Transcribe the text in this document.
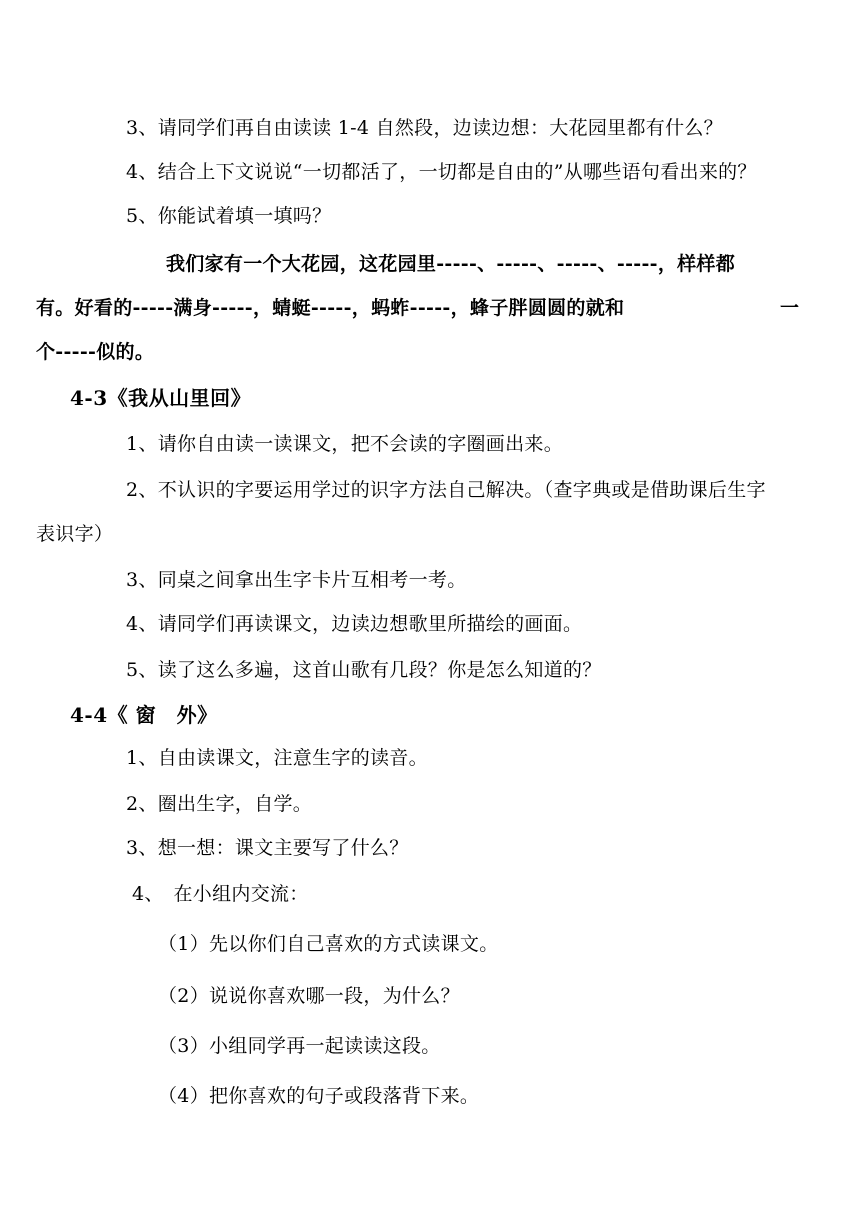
3、请同学们再自由读读 1-4 自然段，边读边想：大花园里都有什么？
4、结合上下文说说“一切都活了，一切都是自由的”从哪些语句看出来的？
5、你能试着填一填吗？
我们家有一个大花园，这花园里-----、-----、-----、-----，样样都
有。好看的-----满身-----，蜻蜓-----，蚂蚱-----，蜂子胖圆圆的就和	一
个-----似的。
4-3《我从山里回》
1、请你自由读一读课文，把不会读的字圈画出来。
2、不认识的字要运用学过的识字方法自己解决。（查字典或是借助课后生字
表识字）
3、同桌之间拿出生字卡片互相考一考。
4、请同学们再读课文，边读边想歌里所描绘的画面。
5、读了这么多遍，这首山歌有几段？你是怎么知道的？
4-4《 窗　外》
1、自由读课文，注意生字的读音。
2、圈出生字，自学。
3、想一想：课文主要写了什么？
4、　在小组内交流：
（1）先以你们自己喜欢的方式读课文。
（2）说说你喜欢哪一段，为什么？
（3）小组同学再一起读读这段。
（4）把你喜欢的句子或段落背下来。
